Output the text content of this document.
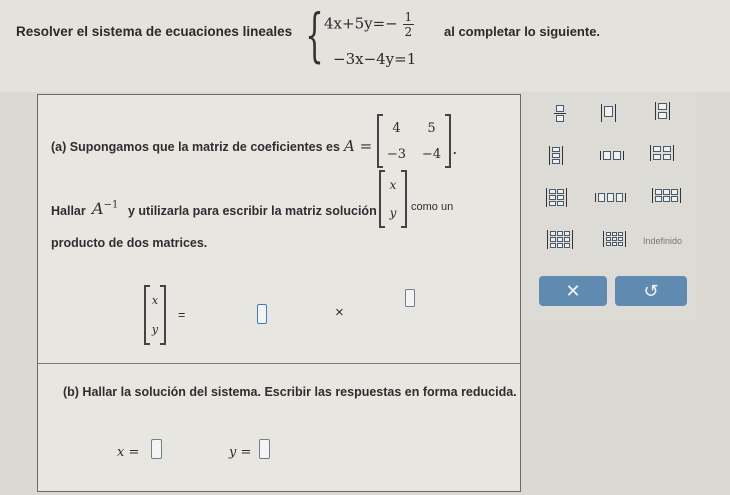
Resolver el sistema de ecuaciones lineales { $4x+5y=- \frac{1}{2}$
−3x−4y=1
al completar lo siguiente.
(a) Supongamos que la matriz de coeficientes es A =
4	5
−3	−4 .
Hallar $A^{-1}$ y utilizarla para escribir la matriz solución
x
y	como un
producto de dos matrices.
x
y
=	×
(b) Hallar la solución del sistema. Escribir las respuestas en forma reducida.
x =	y =
Indefinido
✕	↺
